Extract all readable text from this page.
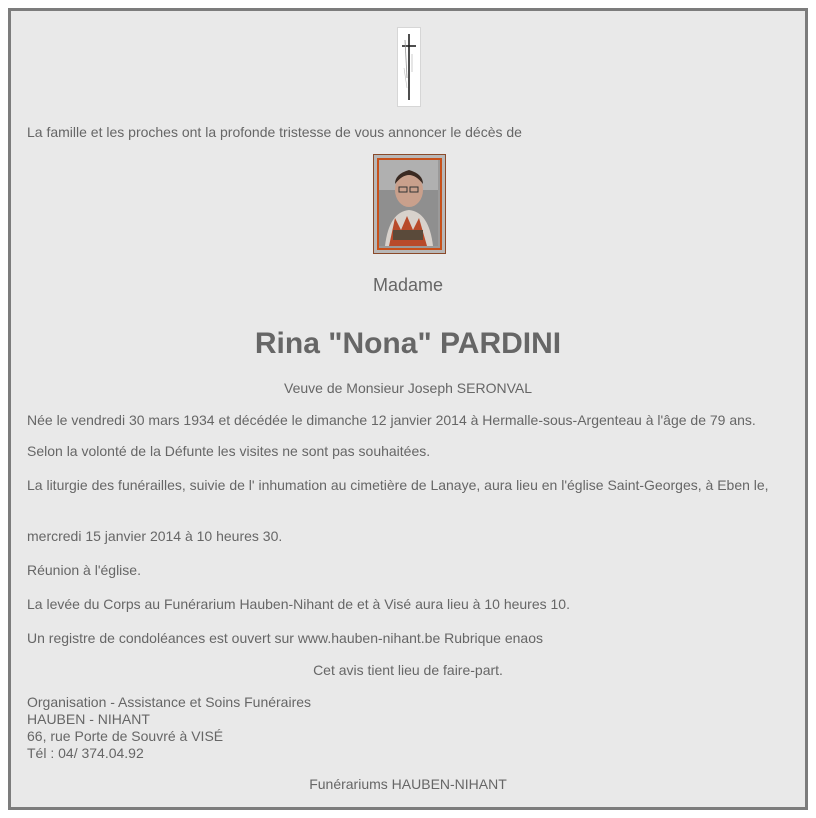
La famille et les proches ont la profonde tristesse de vous annoncer le décès de
Madame
Rina "Nona" PARDINI
Veuve de Monsieur Joseph SERONVAL
Née le vendredi 30 mars 1934 et décédée le dimanche 12 janvier 2014 à Hermalle-sous-Argenteau à l'âge de 79 ans.
Selon la volonté de la Défunte les visites ne sont pas souhaitées.
La liturgie des funérailles, suivie de l' inhumation au cimetière de Lanaye, aura lieu en l'église Saint-Georges, à Eben le,
mercredi 15 janvier 2014 à 10 heures 30.
Réunion à l'église.
La levée du Corps au Funérarium Hauben-Nihant de et à Visé aura lieu à 10 heures 10.
Un registre de condoléances est ouvert sur www.hauben-nihant.be Rubrique enaos
Cet avis tient lieu de faire-part.
Organisation - Assistance et Soins Funéraires
HAUBEN - NIHANT
66, rue Porte de Souvré à VISÉ
Tél : 04/ 374.04.92
Funérariums HAUBEN-NIHANT
